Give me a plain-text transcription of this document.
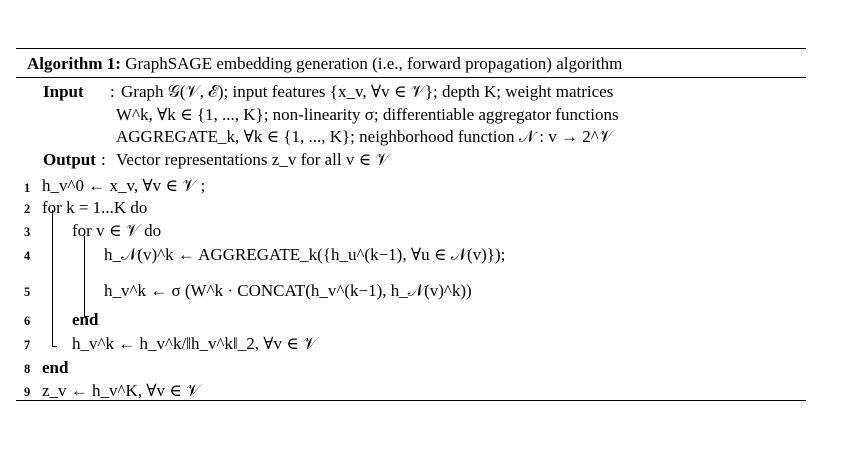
Algorithm 1: GraphSAGE embedding generation (i.e., forward propagation) algorithm
Input : Graph 𝒢(𝒱, ℰ); input features {x_v, ∀v ∈ 𝒱}; depth K; weight matrices
W^k, ∀k ∈ {1, ..., K}; non-linearity σ; differentiable aggregator functions
AGGREGATE_k, ∀k ∈ {1, ..., K}; neighborhood function 𝒩 : v → 2^𝒱
Output : Vector representations z_v for all v ∈ 𝒱
1 h_v^0 ← x_v, ∀v ∈ 𝒱 ;
2 for k = 1...K do
3	for v ∈ 𝒱 do
4	h_𝒩(v)^k ← AGGREGATE_k({h_u^(k−1), ∀u ∈ 𝒩(v)});
5	h_v^k ← σ (W^k · CONCAT(h_v^(k−1), h_𝒩(v)^k))
6	end
7	h_v^k ← h_v^k/‖h_v^k‖_2, ∀v ∈ 𝒱
8 end
9 z_v ← h_v^K, ∀v ∈ 𝒱
